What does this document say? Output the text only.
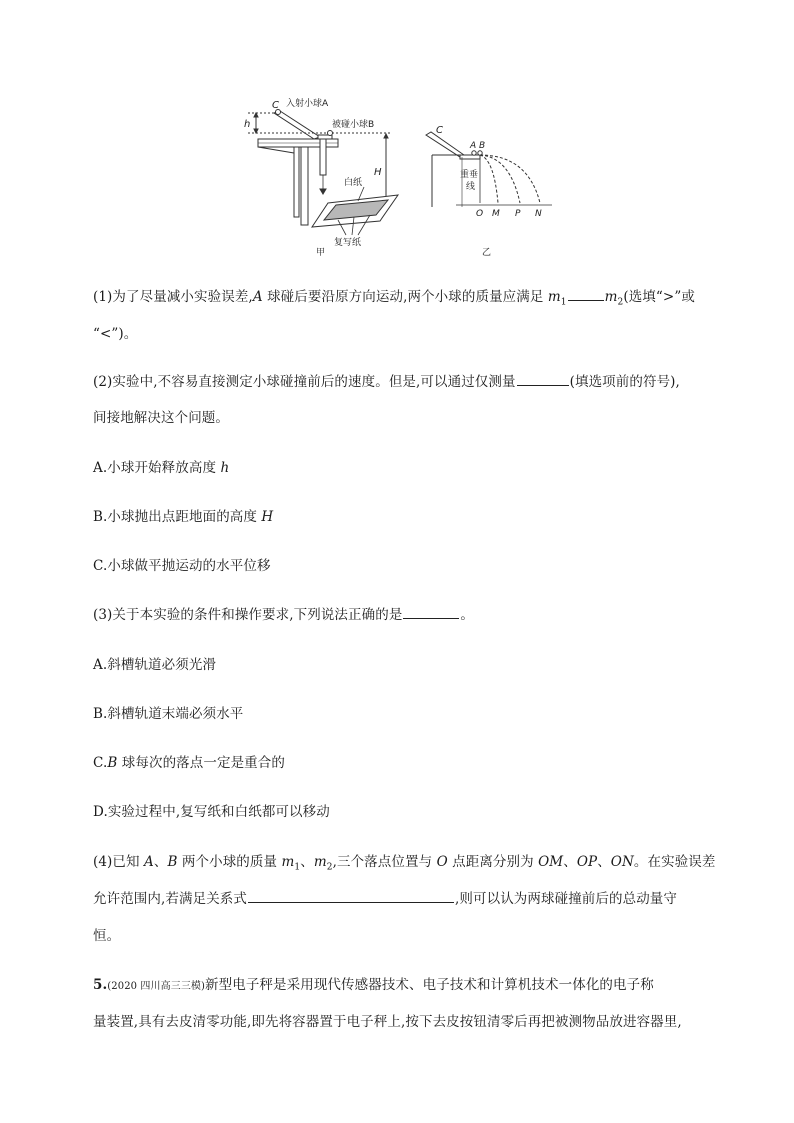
C 入射小球A
h	被碰小球B
H
白纸
复写纸
甲
C
A B
重垂
线
O M P N
乙
(1)为了尽量减小实验误差,A 球碰后要沿原方向运动,两个小球的质量应满足 $m_1$	$m_2$(选填“>”或
“<”)。
(2)实验中,不容易直接测定小球碰撞前后的速度。但是,可以通过仅测量	(填选项前的符号),
间接地解决这个问题。
A.小球开始释放高度 h
B.小球抛出点距地面的高度 H
C.小球做平抛运动的水平位移
(3)关于本实验的条件和操作要求,下列说法正确的是	。
A.斜槽轨道必须光滑
B.斜槽轨道末端必须水平
C.B 球每次的落点一定是重合的
D.实验过程中,复写纸和白纸都可以移动
(4)已知 A、B 两个小球的质量 $m_1$、$m_2$,三个落点位置与 O 点距离分别为 OM、OP、ON。在实验误差
允许范围内,若满足关系式	,则可以认为两球碰撞前后的总动量守
恒。
5.(2020 四川高三三模)新型电子秤是采用现代传感器技术、电子技术和计算机技术一体化的电子称
量装置,具有去皮清零功能,即先将容器置于电子秤上,按下去皮按钮清零后再把被测物品放进容器里,
